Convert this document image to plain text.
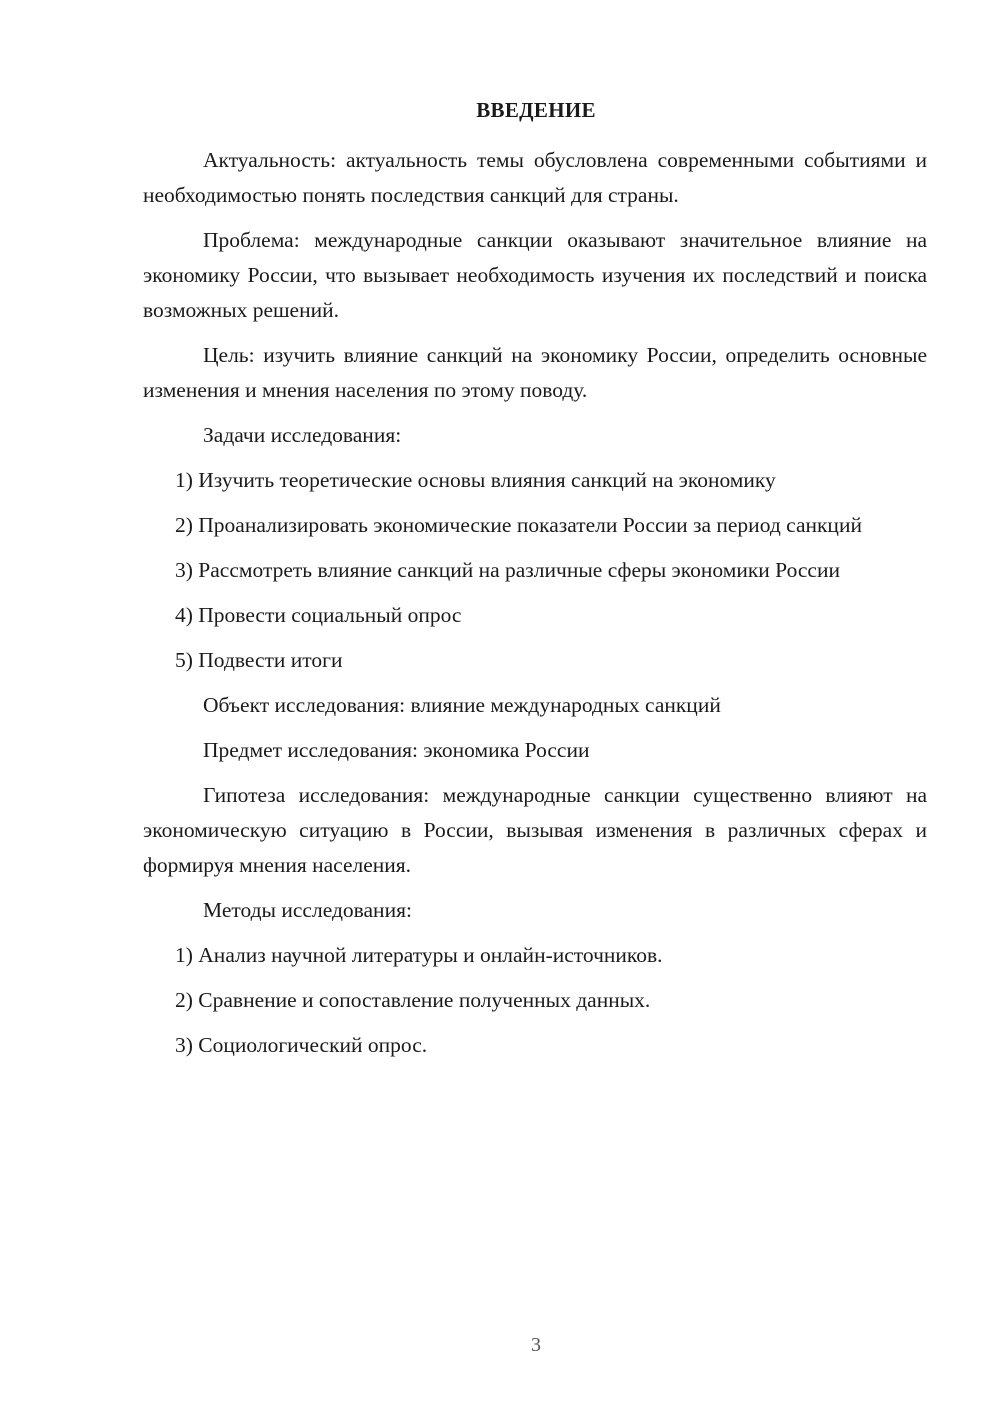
ВВЕДЕНИЕ

Актуальность: актуальность темы обусловлена современными событиями и необходимостью понять последствия санкций для страны.

Проблема: международные санкции оказывают значительное влияние на экономику России, что вызывает необходимость изучения их последствий и поиска возможных решений.

Цель: изучить влияние санкций на экономику России, определить основные изменения и мнения населения по этому поводу.

Задачи исследования:

1) Изучить теоретические основы влияния санкций на экономику

2) Проанализировать экономические показатели России за период санкций

3) Рассмотреть влияние санкций на различные сферы экономики России

4) Провести социальный опрос

5) Подвести итоги

Объект исследования: влияние международных санкций

Предмет исследования: экономика России

Гипотеза исследования: международные санкции существенно влияют на экономическую ситуацию в России, вызывая изменения в различных сферах и формируя мнения населения.

Методы исследования:

1) Анализ научной литературы и онлайн-источников.

2) Сравнение и сопоставление полученных данных.

3) Социологический опрос.

3
